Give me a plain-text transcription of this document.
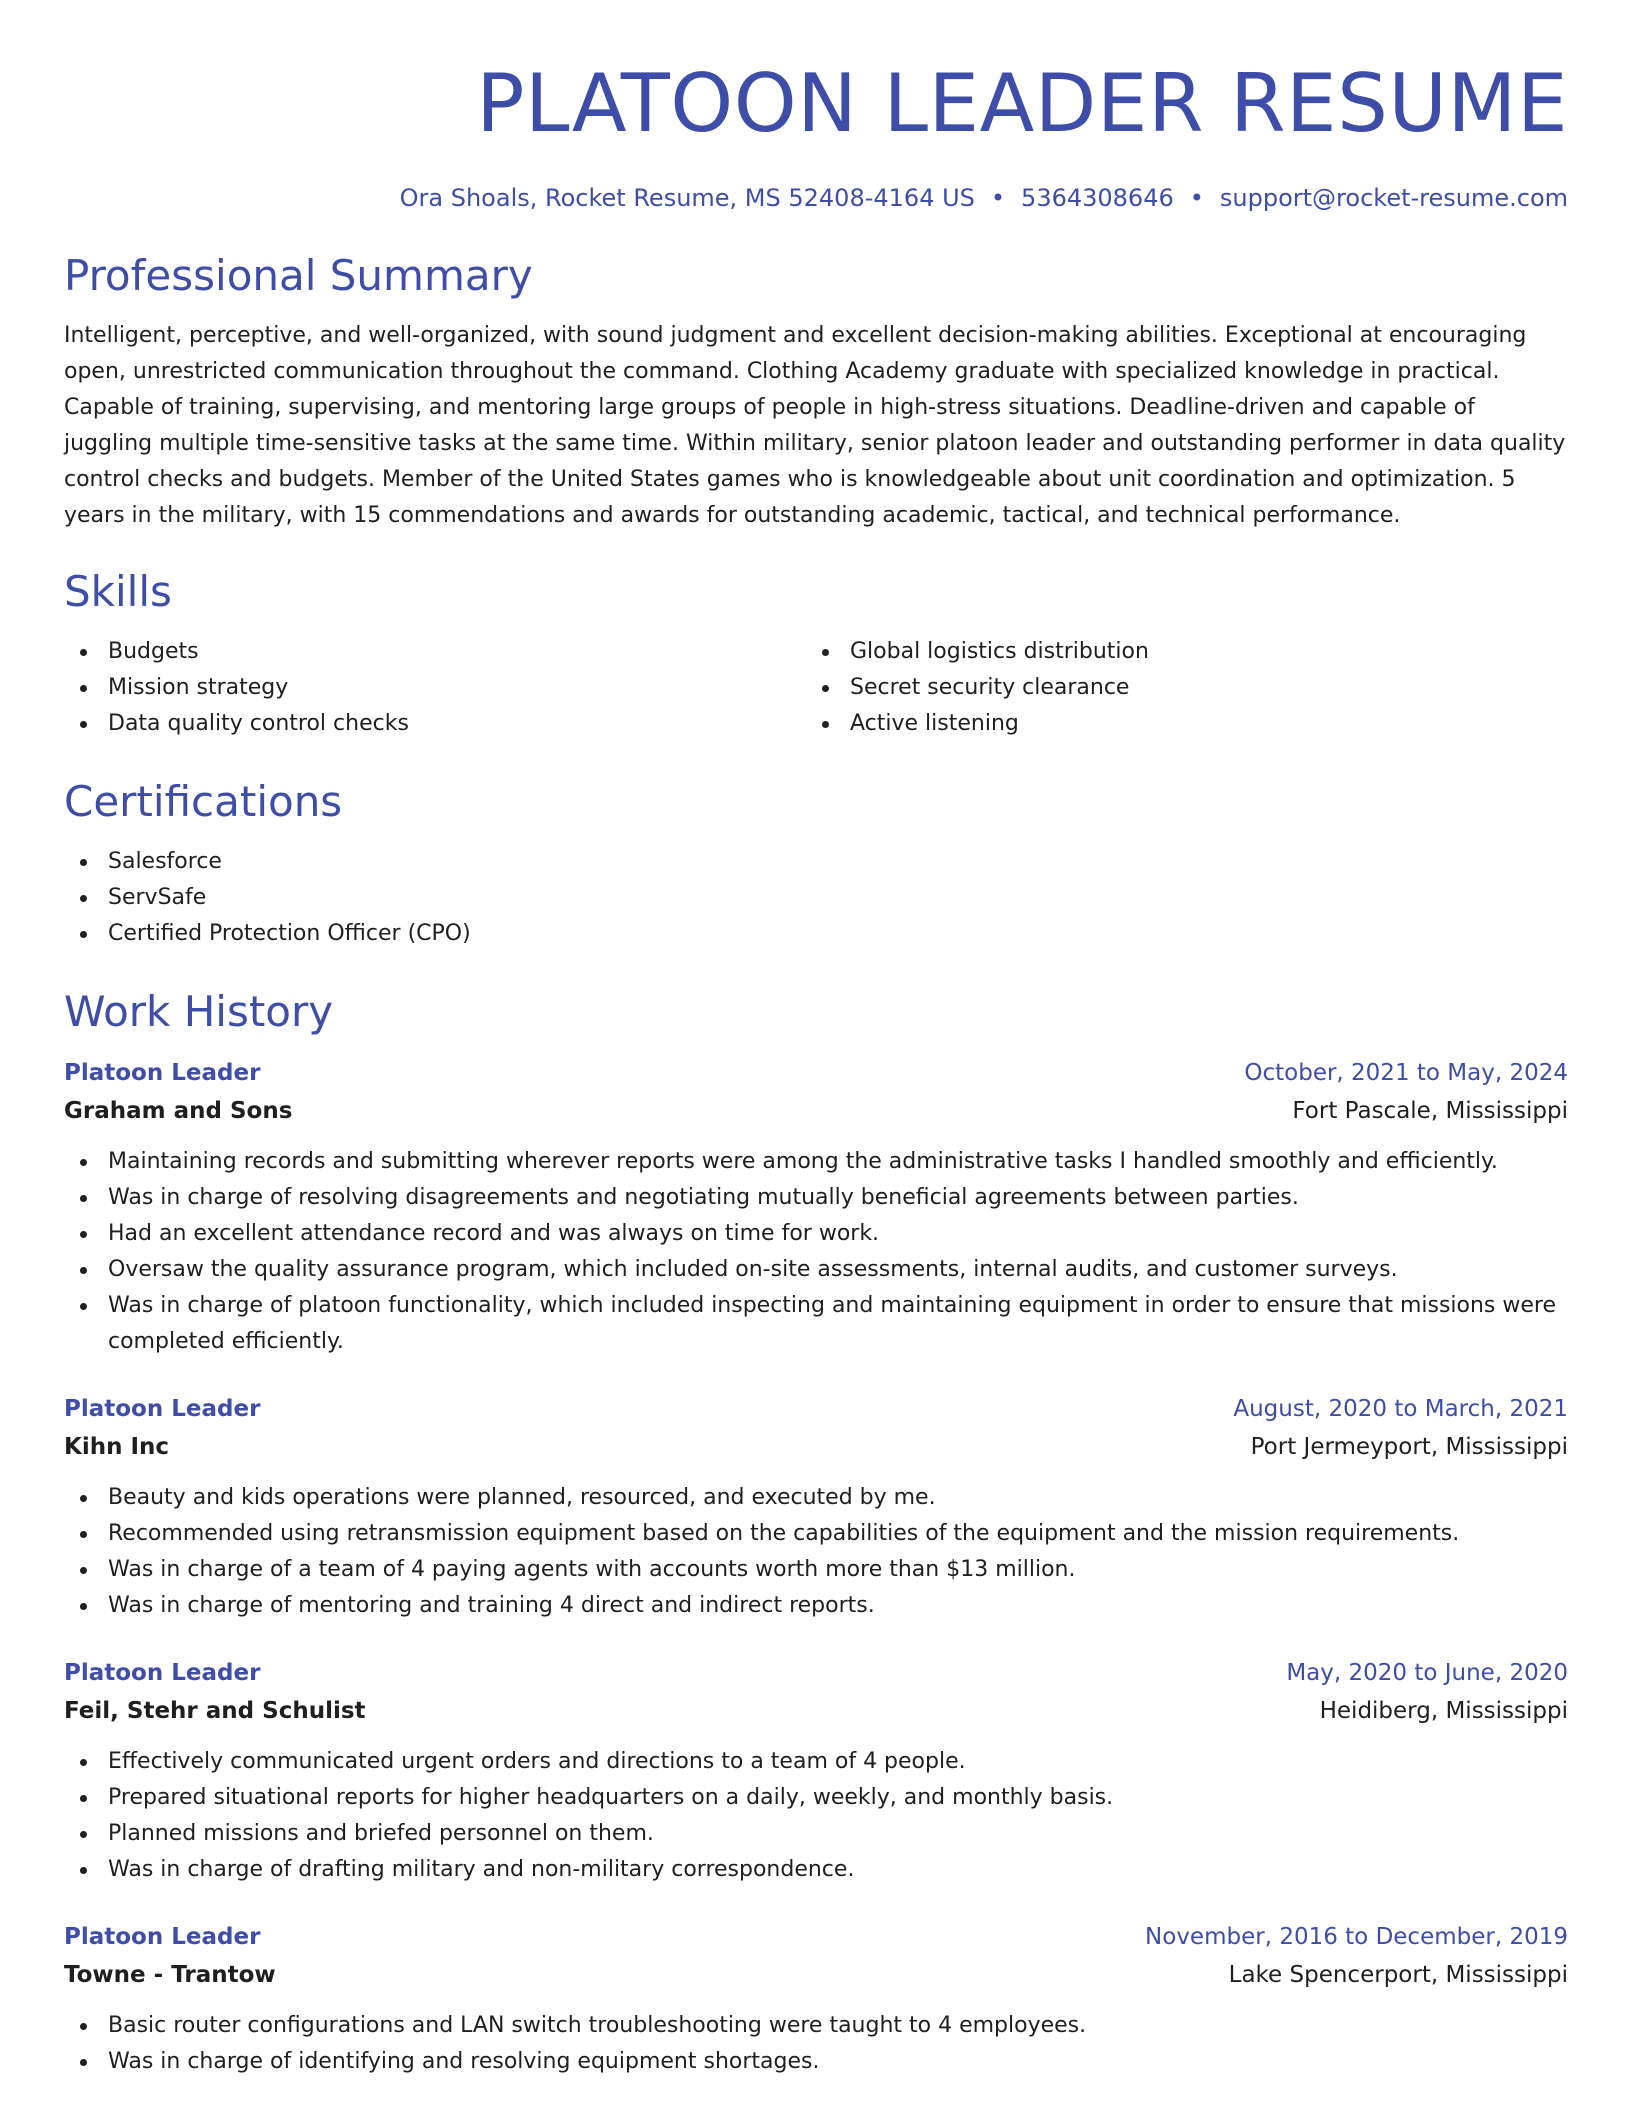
PLATOON LEADER RESUME
Ora Shoals, Rocket Resume, MS 52408-4164 US • 5364308646 • support@rocket-resume.com
Professional Summary
Intelligent, perceptive, and well-organized, with sound judgment and excellent decision-making abilities. Exceptional at encouraging open, unrestricted communication throughout the command. Clothing Academy graduate with specialized knowledge in practical. Capable of training, supervising, and mentoring large groups of people in high-stress situations. Deadline-driven and capable of juggling multiple time-sensitive tasks at the same time. Within military, senior platoon leader and outstanding performer in data quality control checks and budgets. Member of the United States games who is knowledgeable about unit coordination and optimization. 5 years in the military, with 15 commendations and awards for outstanding academic, tactical, and technical performance.
Skills
Budgets
Mission strategy
Data quality control checks
Global logistics distribution
Secret security clearance
Active listening
Certifications
Salesforce
ServSafe
Certified Protection Officer (CPO)
Work History
Platoon Leader	October, 2021 to May, 2024
Graham and Sons	Fort Pascale, Mississippi
Maintaining records and submitting wherever reports were among the administrative tasks I handled smoothly and efficiently.
Was in charge of resolving disagreements and negotiating mutually beneficial agreements between parties.
Had an excellent attendance record and was always on time for work.
Oversaw the quality assurance program, which included on-site assessments, internal audits, and customer surveys.
Was in charge of platoon functionality, which included inspecting and maintaining equipment in order to ensure that missions were completed efficiently.
Platoon Leader	August, 2020 to March, 2021
Kihn Inc	Port Jermeyport, Mississippi
Beauty and kids operations were planned, resourced, and executed by me.
Recommended using retransmission equipment based on the capabilities of the equipment and the mission requirements.
Was in charge of a team of 4 paying agents with accounts worth more than $13 million.
Was in charge of mentoring and training 4 direct and indirect reports.
Platoon Leader	May, 2020 to June, 2020
Feil, Stehr and Schulist	Heidiberg, Mississippi
Effectively communicated urgent orders and directions to a team of 4 people.
Prepared situational reports for higher headquarters on a daily, weekly, and monthly basis.
Planned missions and briefed personnel on them.
Was in charge of drafting military and non-military correspondence.
Platoon Leader	November, 2016 to December, 2019
Towne - Trantow	Lake Spencerport, Mississippi
Basic router configurations and LAN switch troubleshooting were taught to 4 employees.
Was in charge of identifying and resolving equipment shortages.
